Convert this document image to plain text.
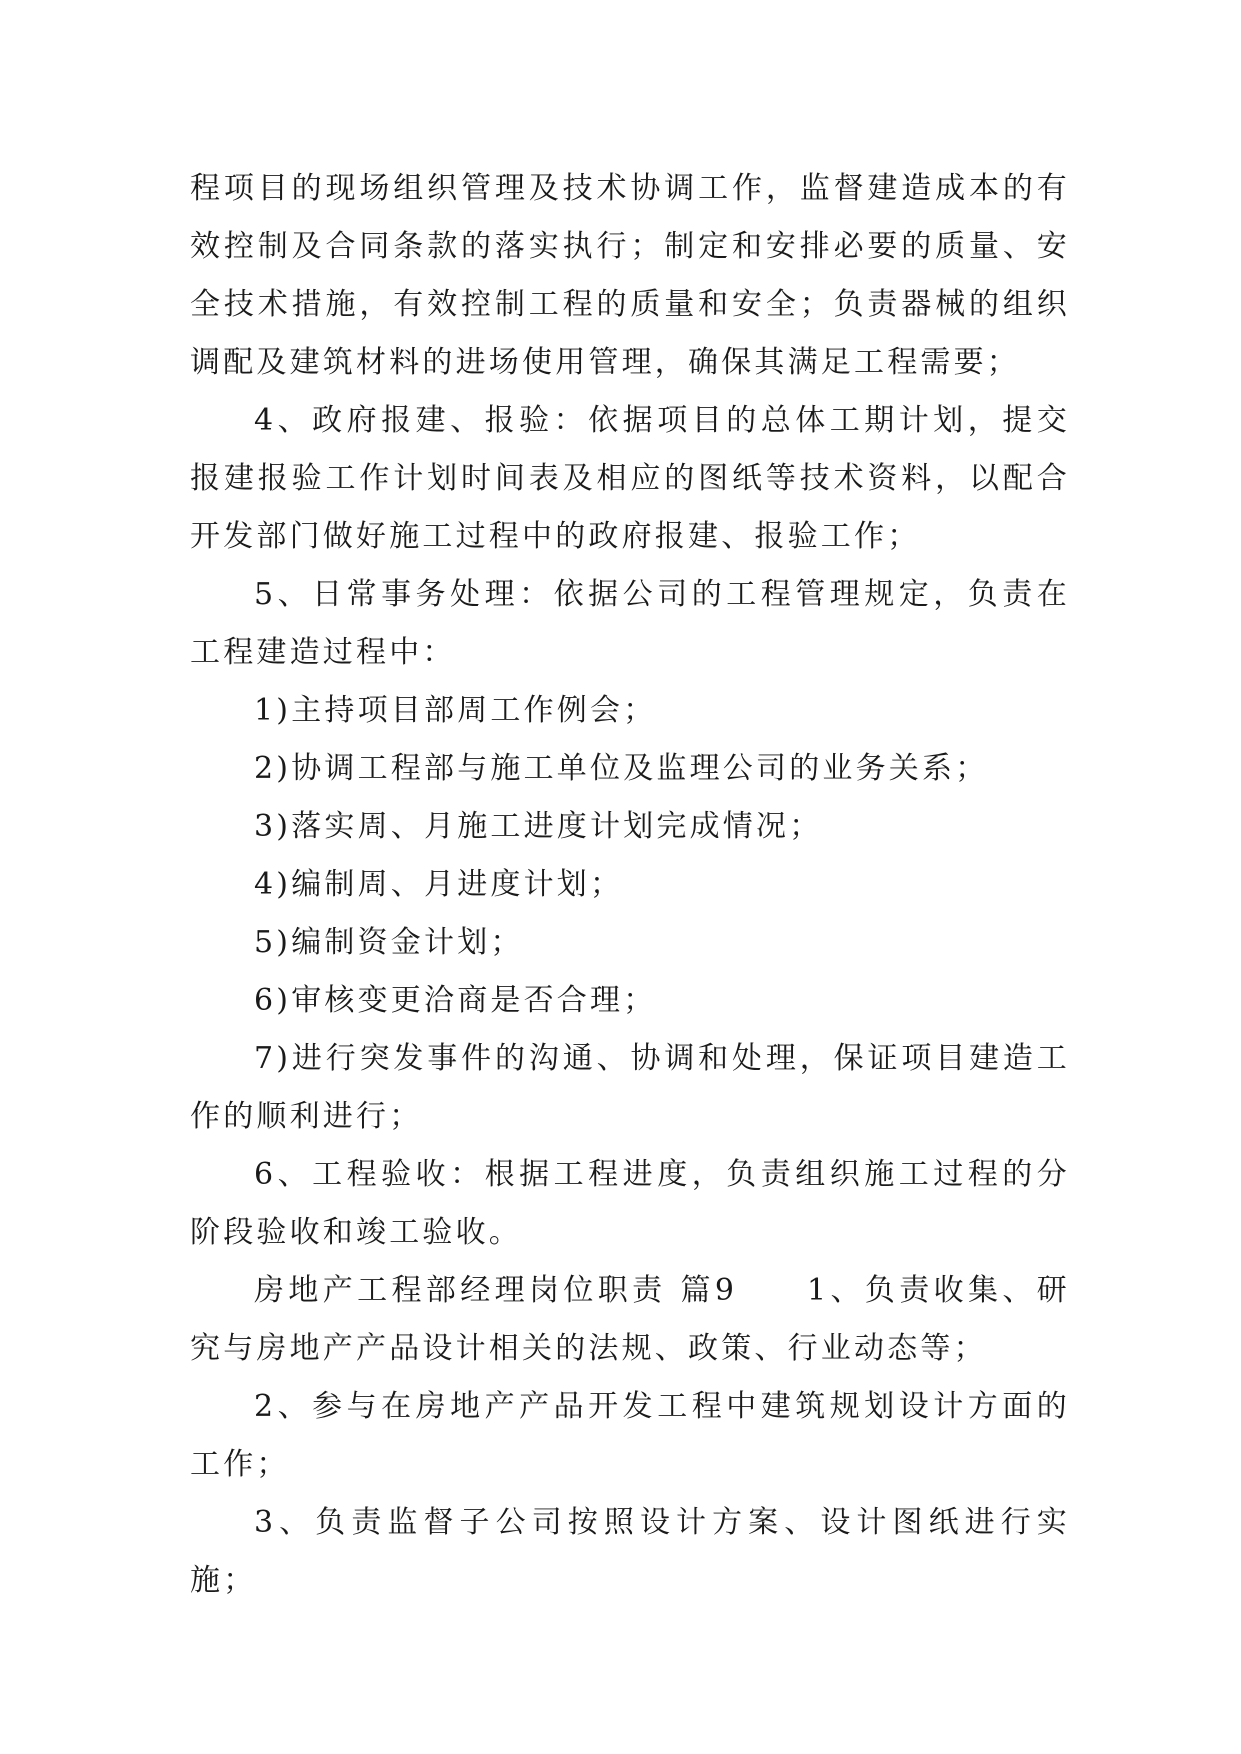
程项目的现场组织管理及技术协调工作，监督建造成本的有效控制及合同条款的落实执行；制定和安排必要的质量、安全技术措施，有效控制工程的质量和安全；负责器械的组织调配及建筑材料的进场使用管理，确保其满足工程需要；

4、政府报建、报验：依据项目的总体工期计划，提交报建报验工作计划时间表及相应的图纸等技术资料，以配合开发部门做好施工过程中的政府报建、报验工作；

5、日常事务处理：依据公司的工程管理规定，负责在工程建造过程中：

1)主持项目部周工作例会；

2)协调工程部与施工单位及监理公司的业务关系；

3)落实周、月施工进度计划完成情况；

4)编制周、月进度计划；

5)编制资金计划；

6)审核变更洽商是否合理；

7)进行突发事件的沟通、协调和处理，保证项目建造工作的顺利进行；

6、工程验收：根据工程进度，负责组织施工过程的分阶段验收和竣工验收。

房地产工程部经理岗位职责 篇9　　1、负责收集、研究与房地产产品设计相关的法规、政策、行业动态等；

2、参与在房地产产品开发工程中建筑规划设计方面的工作；

3、负责监督子公司按照设计方案、设计图纸进行实施；
